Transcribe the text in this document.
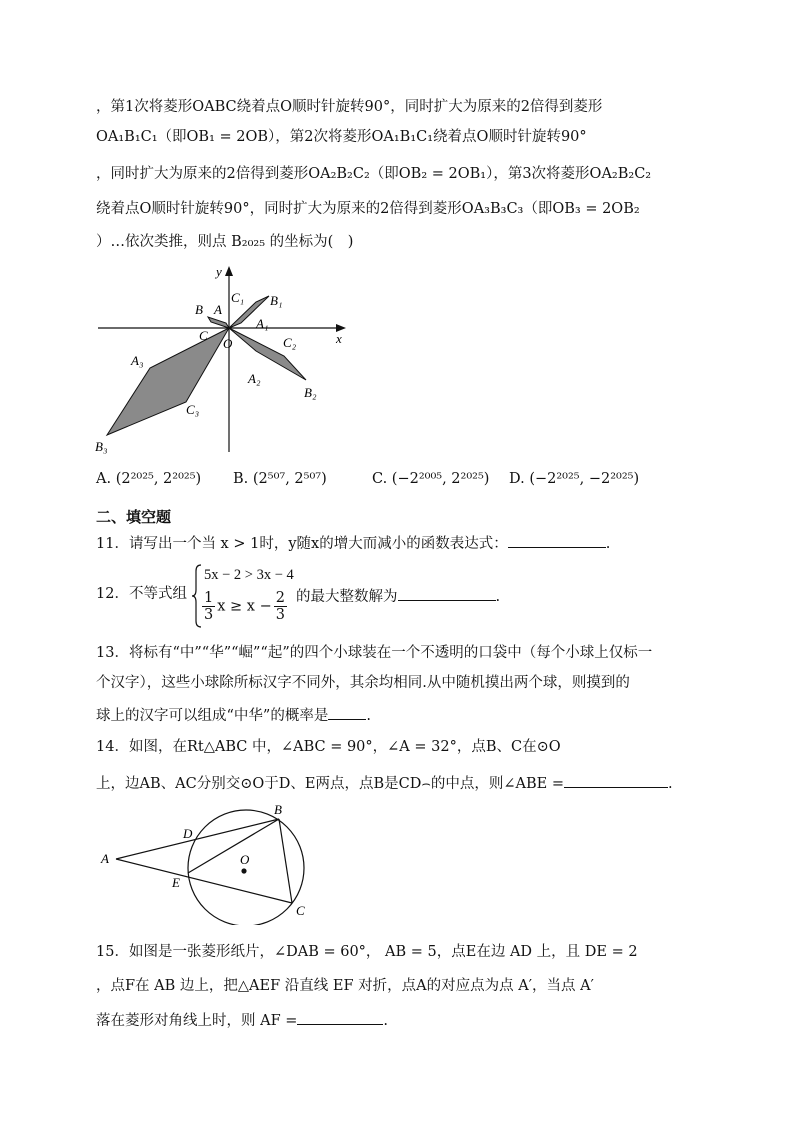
，第1次将菱形OABC绕着点O顺时针旋转90°，同时扩大为原来的2倍得到菱形
OA₁B₁C₁（即OB₁ = 2OB），第2次将菱形OA₁B₁C₁绕着点O顺时针旋转90°
，同时扩大为原来的2倍得到菱形OA₂B₂C₂（即OB₂ = 2OB₁），第3次将菱形OA₂B₂C₂
绕着点O顺时针旋转90°，同时扩大为原来的2倍得到菱形OA₃B₃C₃（即OB₃ = 2OB₂
）…依次类推，则点 B₂₀₂₅ 的坐标为(　)
y
x
O
B A
C
C₁ B₁
A₁
C₂
A₂
B₂
A₃
C₃
B₃
A. (2²⁰²⁵, 2²⁰²⁵) B. (2⁵⁰⁷, 2⁵⁰⁷)	C. (−2²⁰⁰⁵, 2²⁰²⁵) D. (−2²⁰²⁵, −2²⁰²⁵)
二、填空题
11．请写出一个当 x > 1时，y随x的增大而减小的函数表达式：	.
12．不等式组
5x − 2 > 3x − 4
$\frac{1}{3}$ $x \ge x - \frac{2}{3}$ 的最大整数解为	.
13．将标有“中”“华”“崛”“起”的四个小球装在一个不透明的口袋中（每个小球上仅标一
个汉字），这些小球除所标汉字不同外，其余均相同.从中随机摸出两个球，则摸到的
球上的汉字可以组成“中华”的概率是	.
14．如图，在Rt△ABC 中，∠ABC = 90°，∠A = 32°，点B、C在⊙O
上，边AB、AC分别交⊙O于D、E两点，点B是CD⌢的中点，则∠ABE =	.
A
B
C
D
E
O
15．如图是一张菱形纸片，∠DAB = 60°， AB = 5，点E在边 AD 上，且 DE = 2
，点F在 AB 边上，把△AEF 沿直线 EF 对折，点A的对应点为点 A′，当点 A′
落在菱形对角线上时，则 AF =	.
